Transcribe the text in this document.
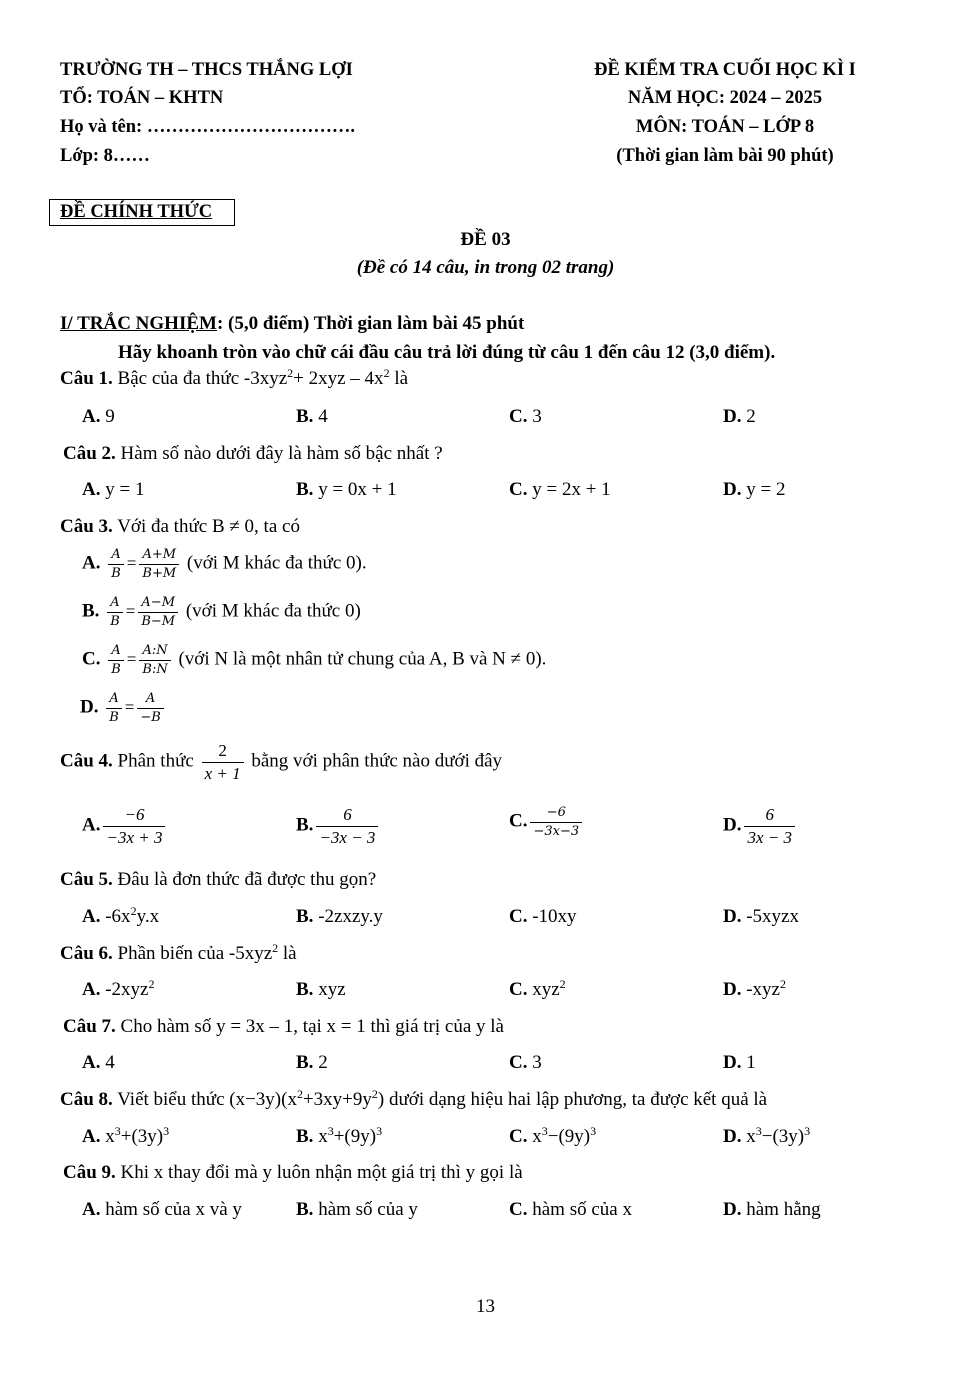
TRƯỜNG TH – THCS THẮNG LỢI
TỔ: TOÁN – KHTN
Họ và tên: …………………………….
Lớp: 8……
ĐỀ KIỂM TRA CUỐI HỌC KÌ I
NĂM HỌC: 2024 – 2025
MÔN: TOÁN – LỚP 8
(Thời gian làm bài 90 phút)
ĐỀ CHÍNH THỨC
ĐỀ 03
(Đề có 14 câu, in trong 02 trang)
I/ TRẮC NGHIỆM: (5,0 điểm) Thời gian làm bài 45 phút
Hãy khoanh tròn vào chữ cái đầu câu trả lời đúng từ câu 1 đến câu 12 (3,0 điểm).
Câu 1. Bậc của đa thức $-3xyz^2+ 2xyz - 4x^2$ là
A. 9	B. 4	C. 3	D. 2
Câu 2. Hàm số nào dưới đây là hàm số bậc nhất ?
A. y = 1	B. y = 0x + 1	C. y = 2x + 1	D. y = 2
Câu 3. Với đa thức B ≠ 0, ta có
A. $\frac{A}{B} = \frac{A+M}{B+M}$ (với M khác đa thức 0).
B. $\frac{A}{B} = \frac{A-M}{B-M}$ (với M khác đa thức 0)
C. $\frac{A}{B} = \frac{A:N}{B:N}$ (với N là một nhân tử chung của A, B và N ≠ 0).
D. $\frac{A}{B} = \frac{A}{-B}$
Câu 4. Phân thức $\frac{2}{x + 1}$ bằng với phân thức nào dưới đây
A. $\frac{-6}{-3x + 3}$	B. $\frac{6}{-3x - 3}$	C. $\frac{-6}{-3x-3}$	D. $\frac{6}{3x - 3}$
Câu 5. Đâu là đơn thức đã được thu gọn?
A. $-6x^2y.x$	B. -2zxzy.y	C. -10xy	D. -5xyzx
Câu 6. Phần biến của -5xyz$^2$ là
A. -2xyz$^2$	B. xyz	C. xyz$^2$	D. -xyz$^2$
Câu 7. Cho hàm số y = 3x – 1, tại x = 1 thì giá trị của y là
A. 4	B. 2	C. 3	D. 1
Câu 8. Viết biểu thức $(x-3y)(x^2+3xy+9y^2)$ dưới dạng hiệu hai lập phương, ta được kết quả là
A. $x^3+(3y)^3$	B. $x^3+(9y)^3$	C. $x^3-(9y)^3$	D. $x^3-(3y)^3$
Câu 9. Khi x thay đổi mà y luôn nhận một giá trị thì y gọi là
A. hàm số của x và y	B. hàm số của y	C. hàm số của x	D. hàm hằng
13
